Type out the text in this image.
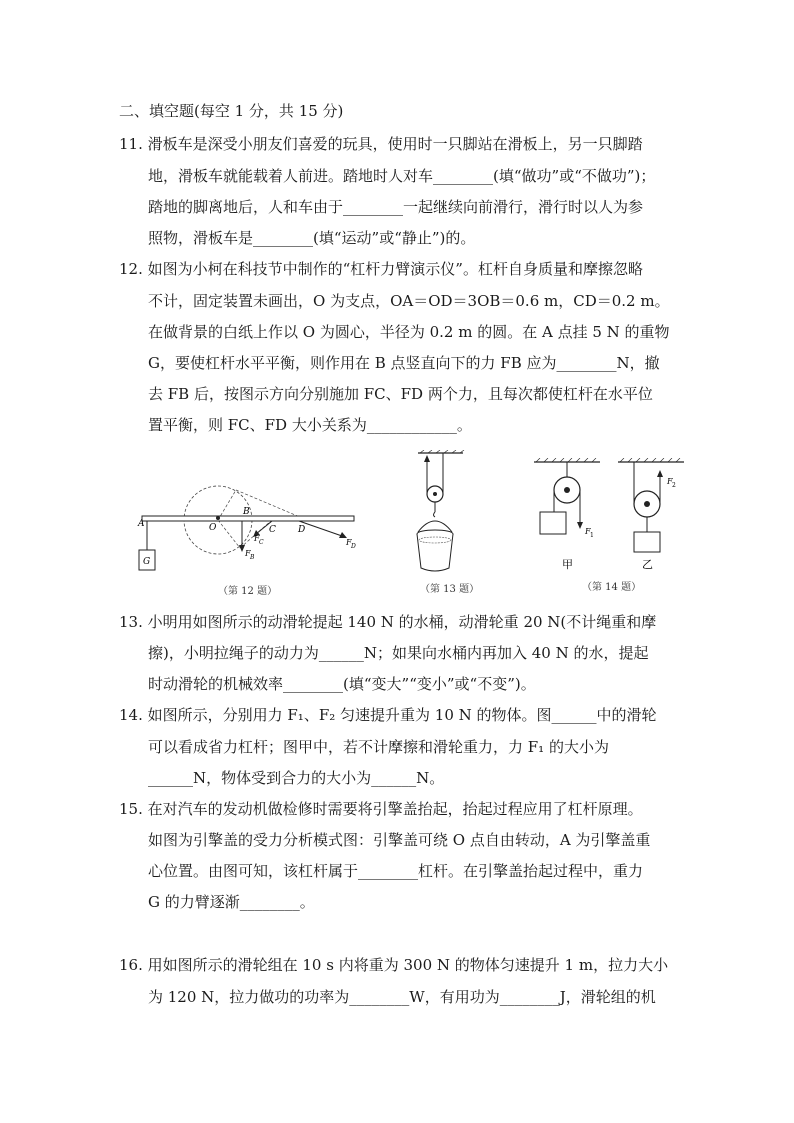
二、填空题(每空 1 分，共 15 分)
11. 滑板车是深受小朋友们喜爱的玩具，使用时一只脚站在滑板上，另一只脚踏
地，滑板车就能载着人前进。踏地时人对车________(填“做功”或“不做功”)；
踏地的脚离地后，人和车由于________一起继续向前滑行，滑行时以人为参
照物，滑板车是________(填“运动”或“静止”)的。
12. 如图为小柯在科技节中制作的“杠杆力臂演示仪”。杠杆自身质量和摩擦忽略
不计，固定装置未画出，O 为支点，OA＝OD＝3OB＝0.6 m，CD＝0.2 m。
在做背景的白纸上作以 O 为圆心，半径为 0.2 m 的圆。在 A 点挂 5 N 的重物
G，要使杠杆水平平衡，则作用在 B 点竖直向下的力 FB 应为________N，撤
去 FB 后，按图示方向分别施加 FC、FD 两个力，且每次都使杠杆在水平位
置平衡，则 FC、FD 大小关系为____________。
A	O
B
C D
G
F B
F C	F D
（第 12 题）	（第 13 题）
F 1
F 2
甲	乙
（第 14 题）
13. 小明用如图所示的动滑轮提起 140 N 的水桶，动滑轮重 20 N(不计绳重和摩
擦)，小明拉绳子的动力为______N；如果向水桶内再加入 40 N 的水，提起
时动滑轮的机械效率________(填“变大”“变小”或“不变”)。
14. 如图所示，分别用力 F₁、F₂ 匀速提升重为 10 N 的物体。图______中的滑轮
可以看成省力杠杆；图甲中，若不计摩擦和滑轮重力，力 F₁ 的大小为
______N，物体受到合力的大小为______N。
15. 在对汽车的发动机做检修时需要将引擎盖抬起，抬起过程应用了杠杆原理。
如图为引擎盖的受力分析模式图：引擎盖可绕 O 点自由转动，A 为引擎盖重
心位置。由图可知，该杠杆属于________杠杆。在引擎盖抬起过程中，重力
G 的力臂逐渐________。
16. 用如图所示的滑轮组在 10 s 内将重为 300 N 的物体匀速提升 1 m，拉力大小
为 120 N，拉力做功的功率为________W，有用功为________J，滑轮组的机
